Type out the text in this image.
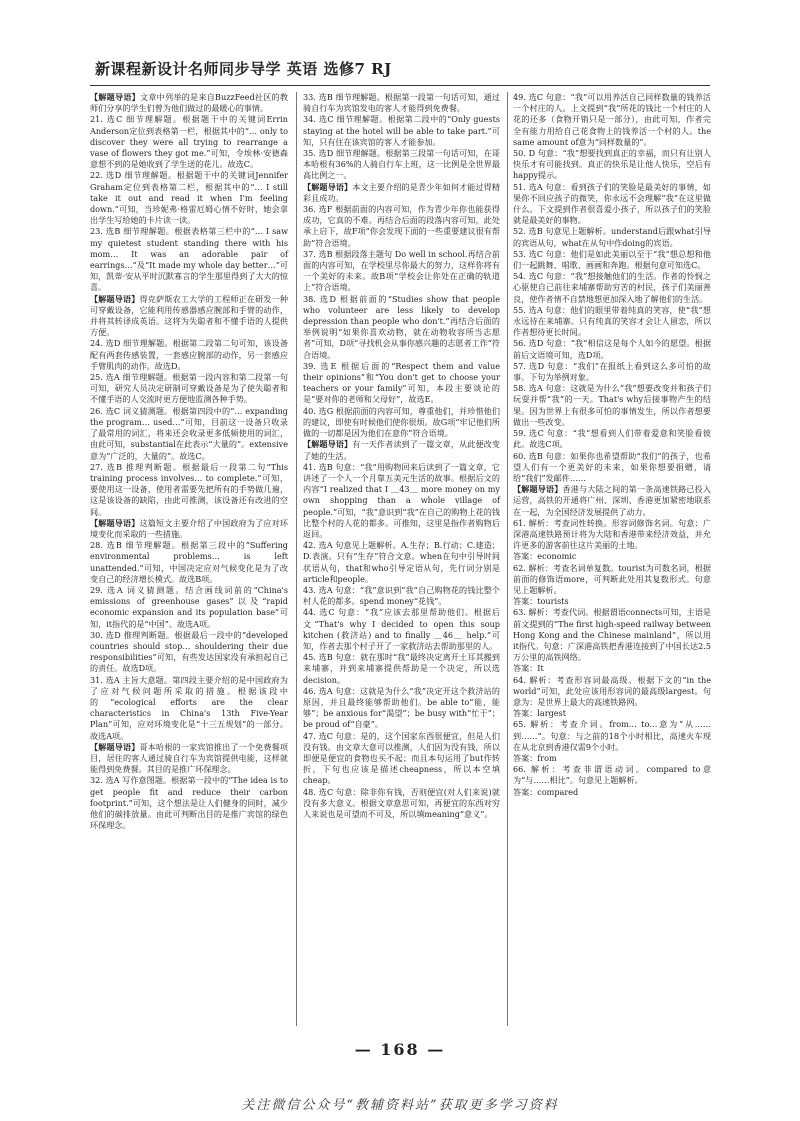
新课程新设计名师同步导学 英语 选修7 RJ

【解题导语】文章中列举的是来自BuzzFeed社区的教师们分享的学生们曾为他们做过的最暖心的事情。

21. 选C 细节理解题。根据题干中的关键词Errin Anderson定位到表格第一栏，根据其中的“… only to discover they were all trying to rearrange a vase of flowers they got me.”可知，令埃林·安德森意想不到的是她收到了学生送的花儿。故选C。

22. 选D 细节理解题。根据题干中的关键词Jennifer Graham定位到表格第二栏，根据其中的“… I still take it out and read it when I'm feeling down.”可知，当珍妮弗·格雷厄姆心情不好时，她会拿出学生写给她的卡片读一读。

23. 选B 细节理解题。根据表格第三栏中的“… I saw my quietest student standing there with his mom… It was an adorable pair of earrings…”及“It made my whole day better…”可知，凯蒂·安从平时沉默寡言的学生那里得到了大大的惊喜。

【解题导语】得克萨斯农工大学的工程师正在研发一种可穿戴设备，它能利用传感器感应腕部和手臂的动作，并将其转译成英语。这将为失聪者和不懂手语的人提供方便。

24. 选D 细节理解题。根据第二段第二句可知，该设备配有两套传感装置，一套感应腕部的动作，另一套感应手臂肌肉的动作。故选D。

25. 选A 细节理解题。根据第一段内容和第二段第一句可知，研究人员决定研制可穿戴设备是为了使失聪者和不懂手语的人交流时更方便地监测各种手势。

26. 选C 词义猜测题。根据第四段中的“… expanding the program… used…”可知，目前这一设备只收录了最常用的词汇，将来还会收录更多低频使用的词汇，由此可知，substantial在此表示“大量的”。extensive意为“广泛的，大量的”。故选C。

27. 选B 推理判断题。根据最后一段第二句“This training process involves… to complete.”可知，要使用这一设备，使用者需要先把所有的手势做几遍，这是该设备的缺陷，由此可推测，该设备还有改进的空间。

【解题导语】这篇短文主要介绍了中国政府为了应对环境变化而采取的一些措施。

28. 选B 细节理解题。根据第三段中的“Suffering environmental problems… is left unattended.”可知，中国决定应对气候变化是为了改变自己的经济增长模式。故选B项。

29. 选A 词义猜测题。结合画线词前的“China's emissions of greenhouse gases”以及“rapid economic expansion and its population base”可知，it指代的是“中国”。故选A项。

30. 选D 推理判断题。根据最后一段中的“developed countries should stop… shouldering their due responsibilities”可知，有些发达国家没有承担起自己的责任。故选D项。

31. 选A 主旨大意题。第四段主要介绍的是中国政府为了应对气候问题所采取的措施。根据该段中的“ecological efforts are the clear characteristics in China's 13th Five-Year Plan”可知，应对环境变化是“十三五规划”的一部分。故选A项。

【解题导语】哥本哈根的一家宾馆推出了一个免费餐项目，居住的客人通过骑自行车为宾馆提供电能，这样就能得到免费餐。其目的是推广环保理念。

32. 选A 写作意图题。根据第一段中的“The idea is to get people fit and reduce their carbon footprint.”可知，这个想法是让人们健身的同时，减少他们的碳排放量。由此可判断出目的是推广宾馆的绿色环保理念。

33. 选B 细节理解题。根据第一段第一句话可知，通过骑自行车为宾馆发电的客人才能得到免费餐。

34. 选C 细节理解题。根据第二段中的“Only guests staying at the hotel will be able to take part.”可知，只有住在该宾馆的客人才能参加。

35. 选D 细节理解题。根据第三段第一句话可知，在哥本哈根有36%的人骑自行车上班，这一比例是全世界最高比例之一。

【解题导语】本文主要介绍的是青少年如何才能过得精彩且成功。

36. 选F 根据前面的内容可知，作为青少年你也能获得成功，它真的不难。再结合后面的段落内容可知，此处承上启下，故F项“你会发现下面的一些重要建议很有帮助”符合语境。

37. 选B 根据段落主题句 Do well in school.再结合前面的内容可知，在学校里尽你最大的努力，这样你将有一个美好的未来。故B项“学校会让你处在正确的轨道上”符合语境。

38. 选D 根据前面的“Studies show that people who volunteer are less likely to develop depression than people who don't.”再结合后面的举例说明“如果你喜欢动物，就在动物收容所当志愿者”可知，D项“寻找机会从事你感兴趣的志愿者工作”符合语境。

39. 选E 根据后面的“Respect them and value their opinions”和“You don't get to choose your teachers or your family”可知，本段主要谈论的是“要对你的老师和父母好”，故选E。

40. 选G 根据前面的内容可知，尊重他们，并珍惜他们的建议，即使有时候他们使你很烦。故G项“牢记他们所做的一切都是因为他们在意你”符合语境。

【解题导语】有一天作者读到了一篇文章，从此便改变了她的生活。

41. 选B 句意：“我”用购物回来后读到了一篇文章，它讲述了一个人一个月靠五美元生活的故事。根据后文的内容“I realized that I ＿43＿ more money on my own shopping than a whole village of people.”可知，“我”意识到“我”在自己的购物上花的钱比整个村的人花的都多。可推知，这里是指作者购物后返回。

42. 选A 句意见上题解析。A.生存；B.行动；C.建造；D.表演。只有“生存”符合文意。when在句中引导时间状语从句，that和who引导定语从句，先行词分别是article和people。

43. 选A 句意：“我”意识到“我”自己购物花的钱比整个村人花的都多。spend money“花钱”。

44. 选C 句意：“我”应该去那里帮助他们。根据后文“That's why I decided to open this soup kitchen (救济站) and to finally ＿46＿ help.”可知，作者去那个村子开了一家救济站去帮助那里的人。

45. 选B 句意：就在那时“我”最终决定离开土耳其搬到来埔寨，并到来埔寨提供帮助是一个决定，所以选decision。

46. 选A 句意：这就是为什么“我”决定开这个救济站的原因，并且最终能够帮助他们。be able to“能，能够”；be anxious for“渴望”；be busy with“忙于”；be proud of“自豪”。

47. 选C 句意：是的，这个国家东西很便宜，但是人们没有钱。由文章大意可以推测，人们因为没有钱，所以即便是便宜的食物也买不起；而且本句运用了but作转折，下句也应该是描述cheapness，所以本空填cheap。

48. 选C 句意：除非你有钱，否则便宜(对人们来说)就没有多大意义。根据文章意思可知，再便宜的东西对穷人来说也是可望而不可及，所以填meaning“意义”。

49. 选C 句意：“我”可以用养活自己同样数量的钱养活一个村庄的人。上文提到“我”所花的钱比一个村庄的人花的还多（食物开销只是一部分），由此可知，作者完全有能力用给自己花食物上的钱养活一个村的人。the same amount of意为“同样数量的”。

50. D 句意：“我”想要找到真正的幸福，而只有让别人快乐才有可能找到。真正的快乐是让他人快乐，空后有happy提示。

51. 选A 句意：看到孩子们的笑脸是最美好的事情，如果你不回应孩子的微笑，你永远不会理解“我”在这里做什么。下文提到作者很喜爱小孩子，所以孩子们的笑脸就是最美好的事物。

52. 选B 句意见上题解析。understand后跟what引导的宾语从句，what在从句中作doing的宾语。

53. 选C 句意：他们是如此美丽以至于“我”想总想和他们一起跳舞、唱歌、画画和奔跑。根据句意可知选C。

54. 选C 句意：“我”想接触他们的生活。作者的怜悯之心驱使自己前往来埔寨帮助穷苦的村民，孩子们美丽善良，使作者情不自禁地想更加深入地了解他们的生活。

55. 选A 句意：他们的眼里带着纯真的笑容，使“我”想永远待在来埔寨。只有纯真的笑容才会让人留恋，所以作者想待更长时间。

56. 选D 句意：“我”相信这是每个人如今的愿望。根据前后文语境可知，选D项。

57. 选D 句意：“我们”在报纸上看到这么多可怕的故事。下句为举例对象。

58. 选A 句意：这就是为什么“我”想要改变并和孩子们玩耍并帮“我”的一天。That's why后接事物产生的结果。因为世界上有很多可怕的事情发生，所以作者想要做出一些改变。

59. 选C 句意：“我”想看到人们带着爱意和笑脸看彼此。故选C项。

60. 选B 句意：如果你也希望帮助“我们”的孩子，也希望人们有一个更美好的未来，如果你想要捐赠，请给“我们”发邮件……

【解题导语】香港与大陆之间的第一条高速铁路已投入运营，高铁的开通将广州、深圳、香港更加紧密地联系在一起，为全国经济发展提供了动力。

61. 解析：考查词性转换。形容词修饰名词。句意：广深港高速铁路预计将为大陆和香港带来经济效益，并允许更多的游客前往这片美丽的土地。

答案：economic

62. 解析：考查名词单复数。tourist为可数名词，根据前面的修饰语more，可判断此处用其复数形式。句意见上题解析。

答案：tourists

63. 解析：考查代词。根据谓语connects可知，主语是前文提到的“The first high-speed railway between Hong Kong and the Chinese mainland”，所以用it指代。句意：广深港高铁把香港连接到了中国长达2.5万公里的高铁网络。

答案：It

64. 解析：考查形容词最高级。根据下文的“in the world”可知，此处应该用形容词的最高级largest。句意为：是世界上最大的高速铁路网。

答案：largest

65. 解析：考查介词。from… to…意为“从……到……”。句意：与之前的18个小时相比，高速火车现在从北京到香港仅需9个小时。

答案：from

66. 解析：考查非谓语动词。compared to意为“与……相比”。句意见上题解析。

答案：compared

— 168 —
关注微信公众号“教辅资料站”获取更多学习资料
